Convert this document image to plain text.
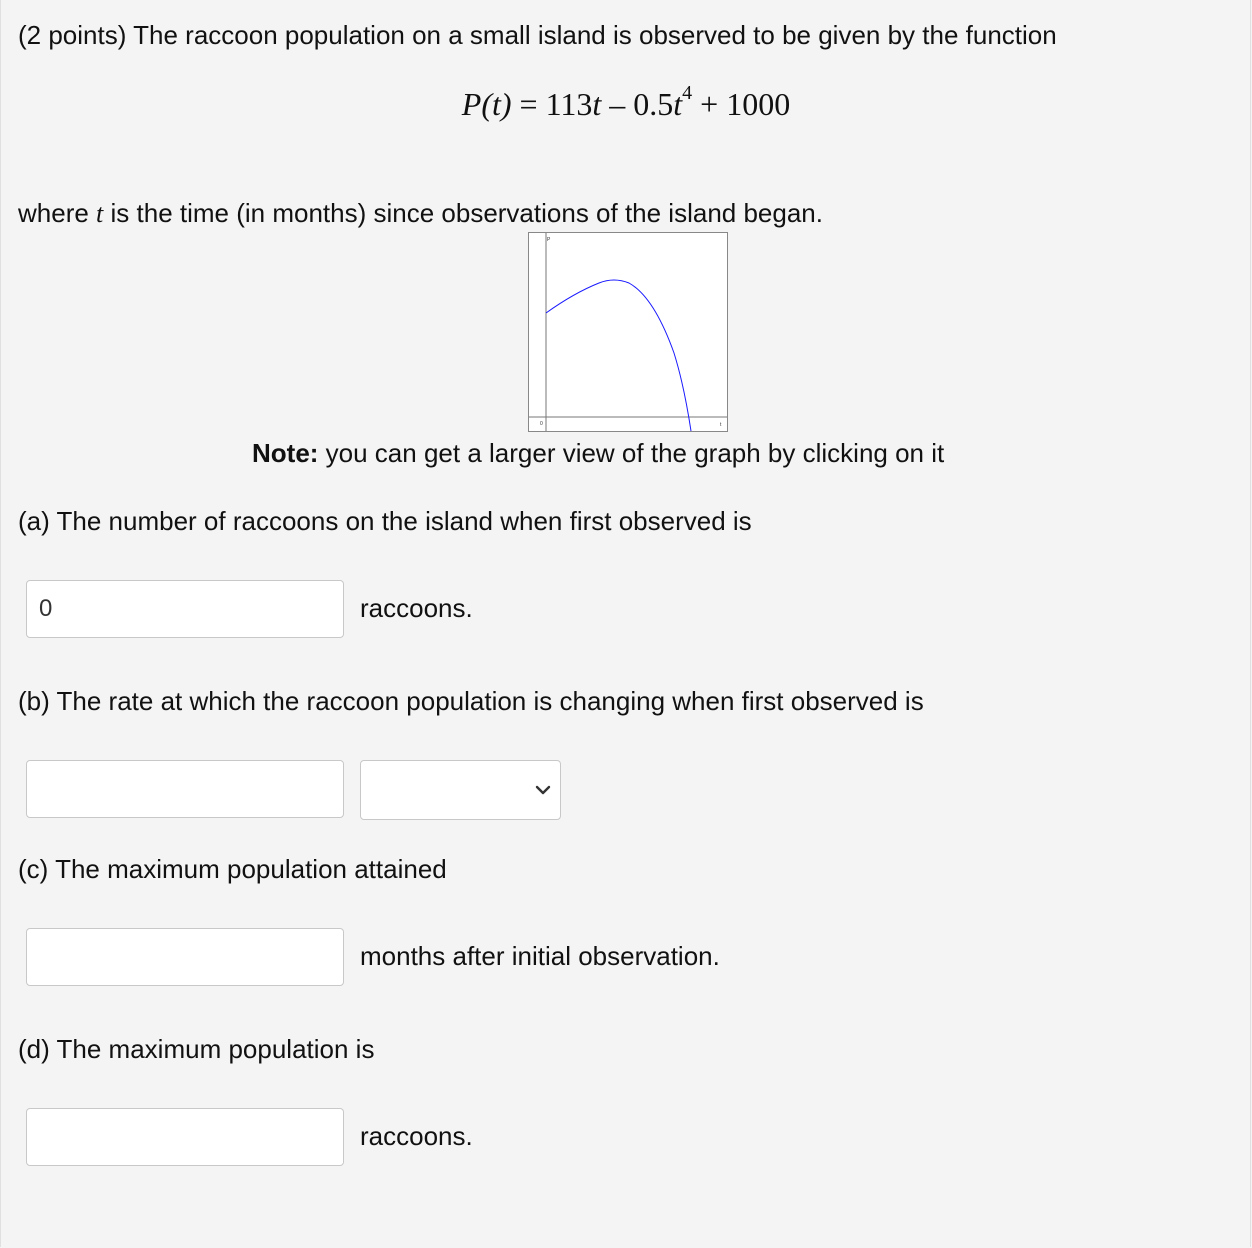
(2 points) The raccoon population on a small island is observed to be given by the function
$P(t) = 113t - 0.5t^4 + 1000$
where t is the time (in months) since observations of the island began.
P
t
0
Note: you can get a larger view of the graph by clicking on it
(a) The number of raccoons on the island when first observed is
0
raccoons.
(b) The rate at which the raccoon population is changing when first observed is
(c) The maximum population attained
months after initial observation.
(d) The maximum population is
raccoons.
